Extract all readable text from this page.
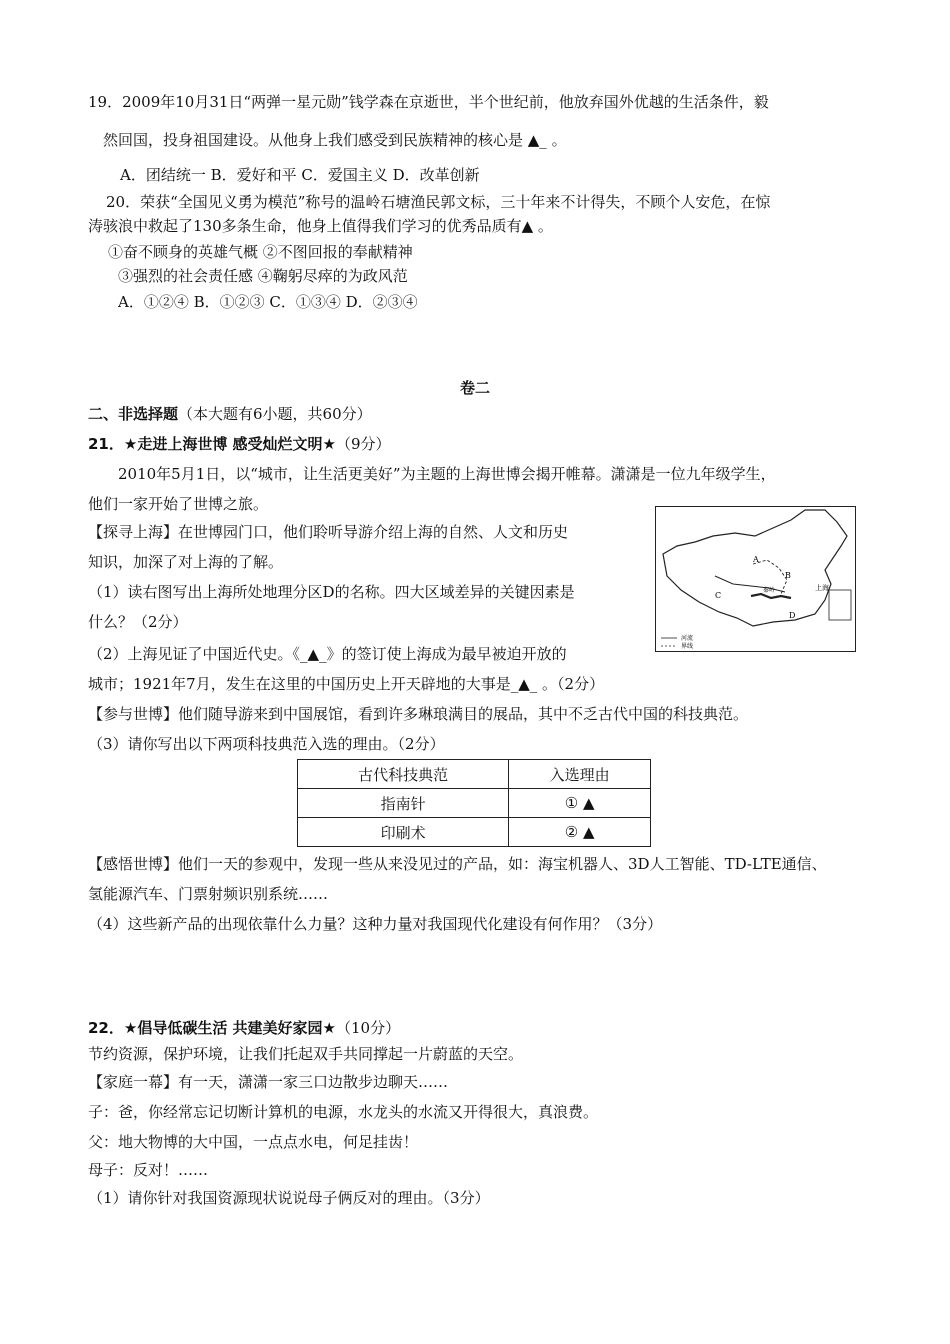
19．2009年10月31日“两弹一星元勋”钱学森在京逝世，半个世纪前，他放弃国外优越的生活条件，毅
然回国，投身祖国建设。从他身上我们感受到民族精神的核心是 ▲_ 。
A．团结统一 B．爱好和平 C．爱国主义 D．改革创新
20．荣获“全国见义勇为模范”称号的温岭石塘渔民郭文标，三十年来不计得失，不顾个人安危，在惊
涛骇浪中救起了130多条生命，他身上值得我们学习的优秀品质有▲ 。
①奋不顾身的英雄气概 ②不图回报的奉献精神
③强烈的社会责任感 ④鞠躬尽瘁的为政风范
A．①②④ B．①②③ C．①③④ D．②③④
卷二
二、非选择题（本大题有6小题，共60分）
21．★走进上海世博 感受灿烂文明★（9分）
2010年5月1日，以“城市，让生活更美好”为主题的上海世博会揭开帷幕。潇潇是一位九年级学生，
他们一家开始了世博之旅。
【探寻上海】在世博园门口，他们聆听导游介绍上海的自然、人文和历史
知识，加深了对上海的了解。
（1）读右图写出上海所处地理分区D的名称。四大区域差异的关键因素是
什么？（2分）
（2）上海见证了中国近代史。《_▲_》的签订使上海成为最早被迫开放的
城市；1921年7月，发生在这里的中国历史上开天辟地的大事是_▲_ 。（2分）
【参与世博】他们随导游来到中国展馆，看到许多琳琅满目的展品，其中不乏古代中国的科技典范。
（3）请你写出以下两项科技典范入选的理由。（2分）
A
B
C
D
上海
秦岭
河流
界线
古代科技典范	入选理由
指南针	① ▲
印刷术	② ▲
【感悟世博】他们一天的参观中，发现一些从来没见过的产品，如：海宝机器人、3D人工智能、TD-LTE通信、
氢能源汽车、门票射频识别系统……
（4）这些新产品的出现依靠什么力量？这种力量对我国现代化建设有何作用？（3分）
22．★倡导低碳生活 共建美好家园★（10分）
节约资源，保护环境，让我们托起双手共同撑起一片蔚蓝的天空。
【家庭一幕】有一天，潇潇一家三口边散步边聊天……
子：爸，你经常忘记切断计算机的电源，水龙头的水流又开得很大，真浪费。
父：地大物博的大中国，一点点水电，何足挂齿！
母子：反对！……
（1）请你针对我国资源现状说说母子俩反对的理由。（3分）
